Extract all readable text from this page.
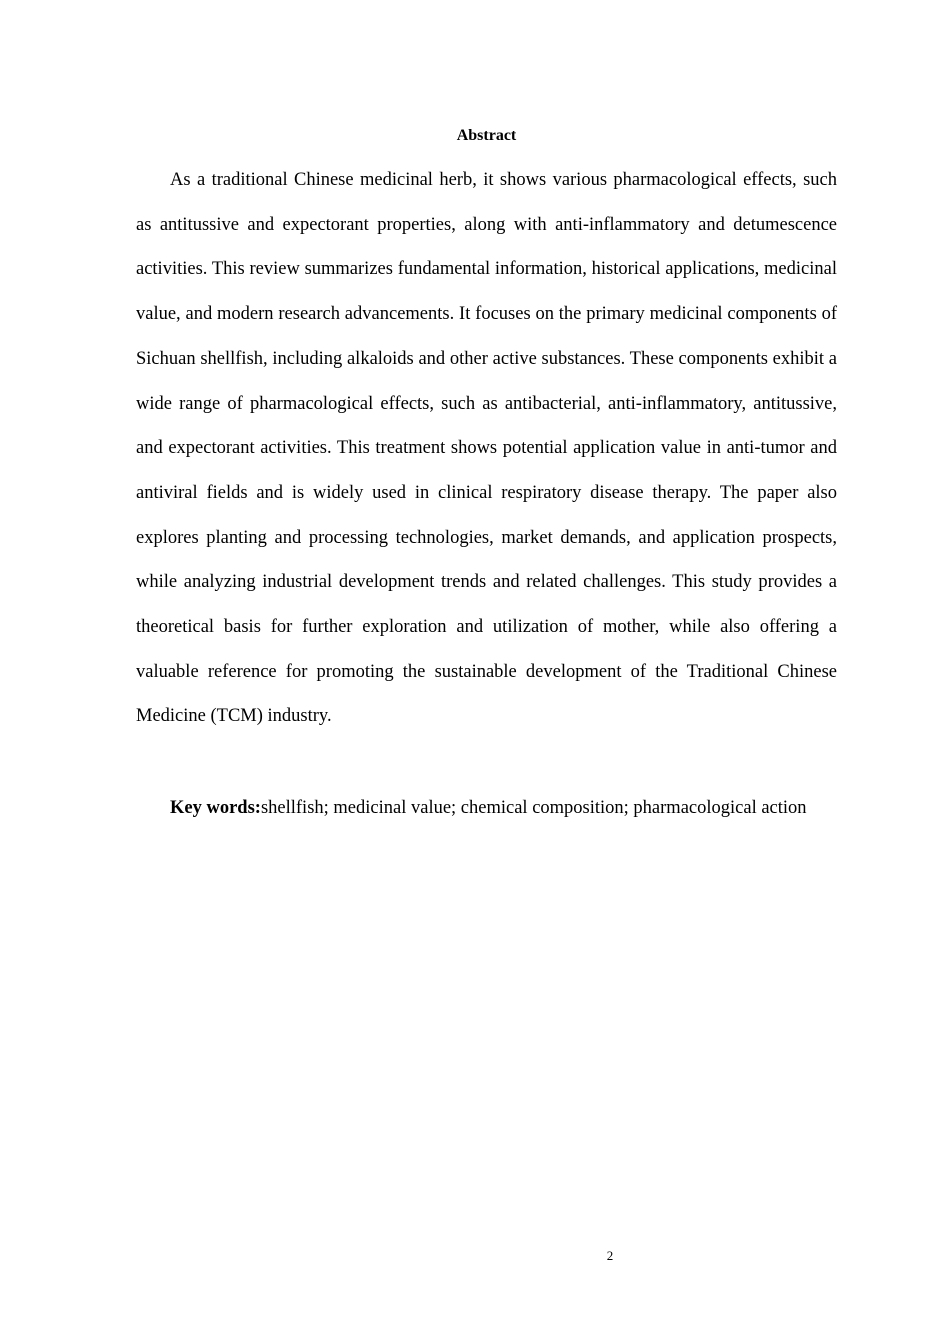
Abstract

As a traditional Chinese medicinal herb, it shows various pharmacological effects, such as antitussive and expectorant properties, along with anti-inflammatory and detumescence activities. This review summarizes fundamental information, historical applications, medicinal value, and modern research advancements. It focuses on the primary medicinal components of Sichuan shellfish, including alkaloids and other active substances. These components exhibit a wide range of pharmacological effects, such as antibacterial, anti-inflammatory, antitussive, and expectorant activities. This treatment shows potential application value in anti-tumor and antiviral fields and is widely used in clinical respiratory disease therapy. The paper also explores planting and processing technologies, market demands, and application prospects, while analyzing industrial development trends and related challenges. This study provides a theoretical basis for further exploration and utilization of mother, while also offering a valuable reference for promoting the sustainable development of the Traditional Chinese Medicine (TCM) industry.

Key words:shellfish; medicinal value; chemical composition; pharmacological action

2
